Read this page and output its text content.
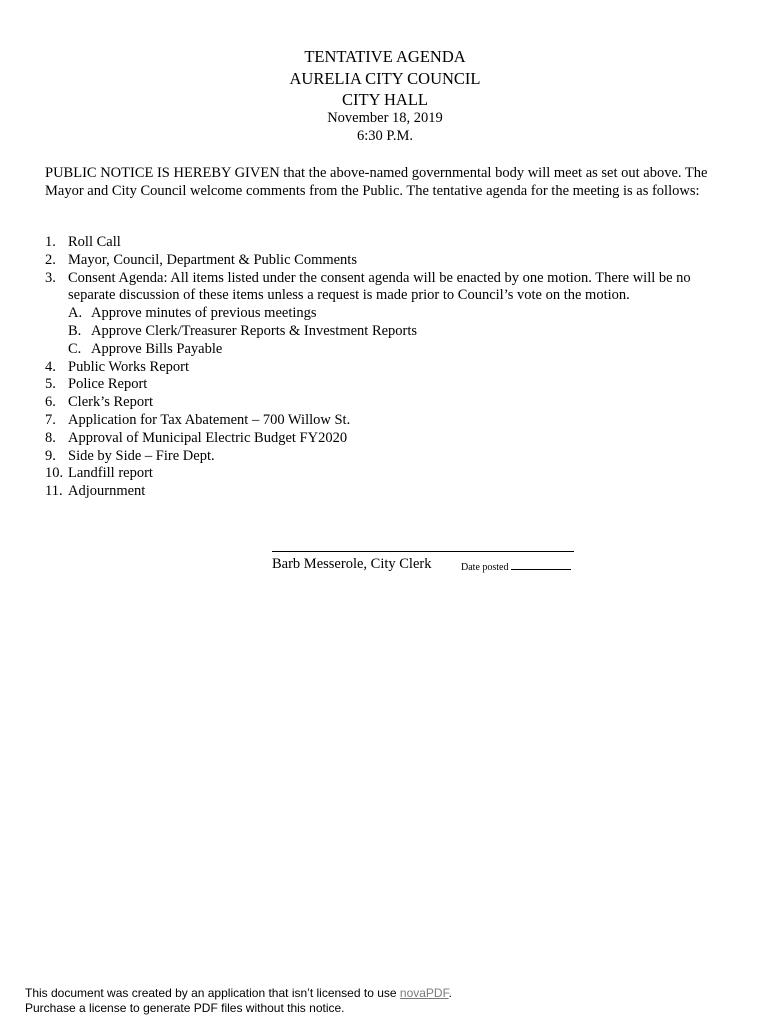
TENTATIVE AGENDA
AURELIA CITY COUNCIL
CITY HALL
November 18, 2019
6:30 P.M.
PUBLIC NOTICE IS HEREBY GIVEN that the above-named governmental body will meet as set out above. The Mayor and City Council welcome comments from the Public. The tentative agenda for the meeting is as follows:
1. Roll Call
2. Mayor, Council, Department & Public Comments
3. Consent Agenda: All items listed under the consent agenda will be enacted by one motion. There will be no separate discussion of these items unless a request is made prior to Council’s vote on the motion.
A. Approve minutes of previous meetings
B. Approve Clerk/Treasurer Reports & Investment Reports
C. Approve Bills Payable
4. Public Works Report
5. Police Report
6. Clerk’s Report
7. Application for Tax Abatement – 700 Willow St.
8. Approval of Municipal Electric Budget FY2020
9. Side by Side – Fire Dept.
10. Landfill report
11. Adjournment
Barb Messerole, City Clerk	Date posted
This document was created by an application that isn’t licensed to use novaPDF.
Purchase a license to generate PDF files without this notice.
